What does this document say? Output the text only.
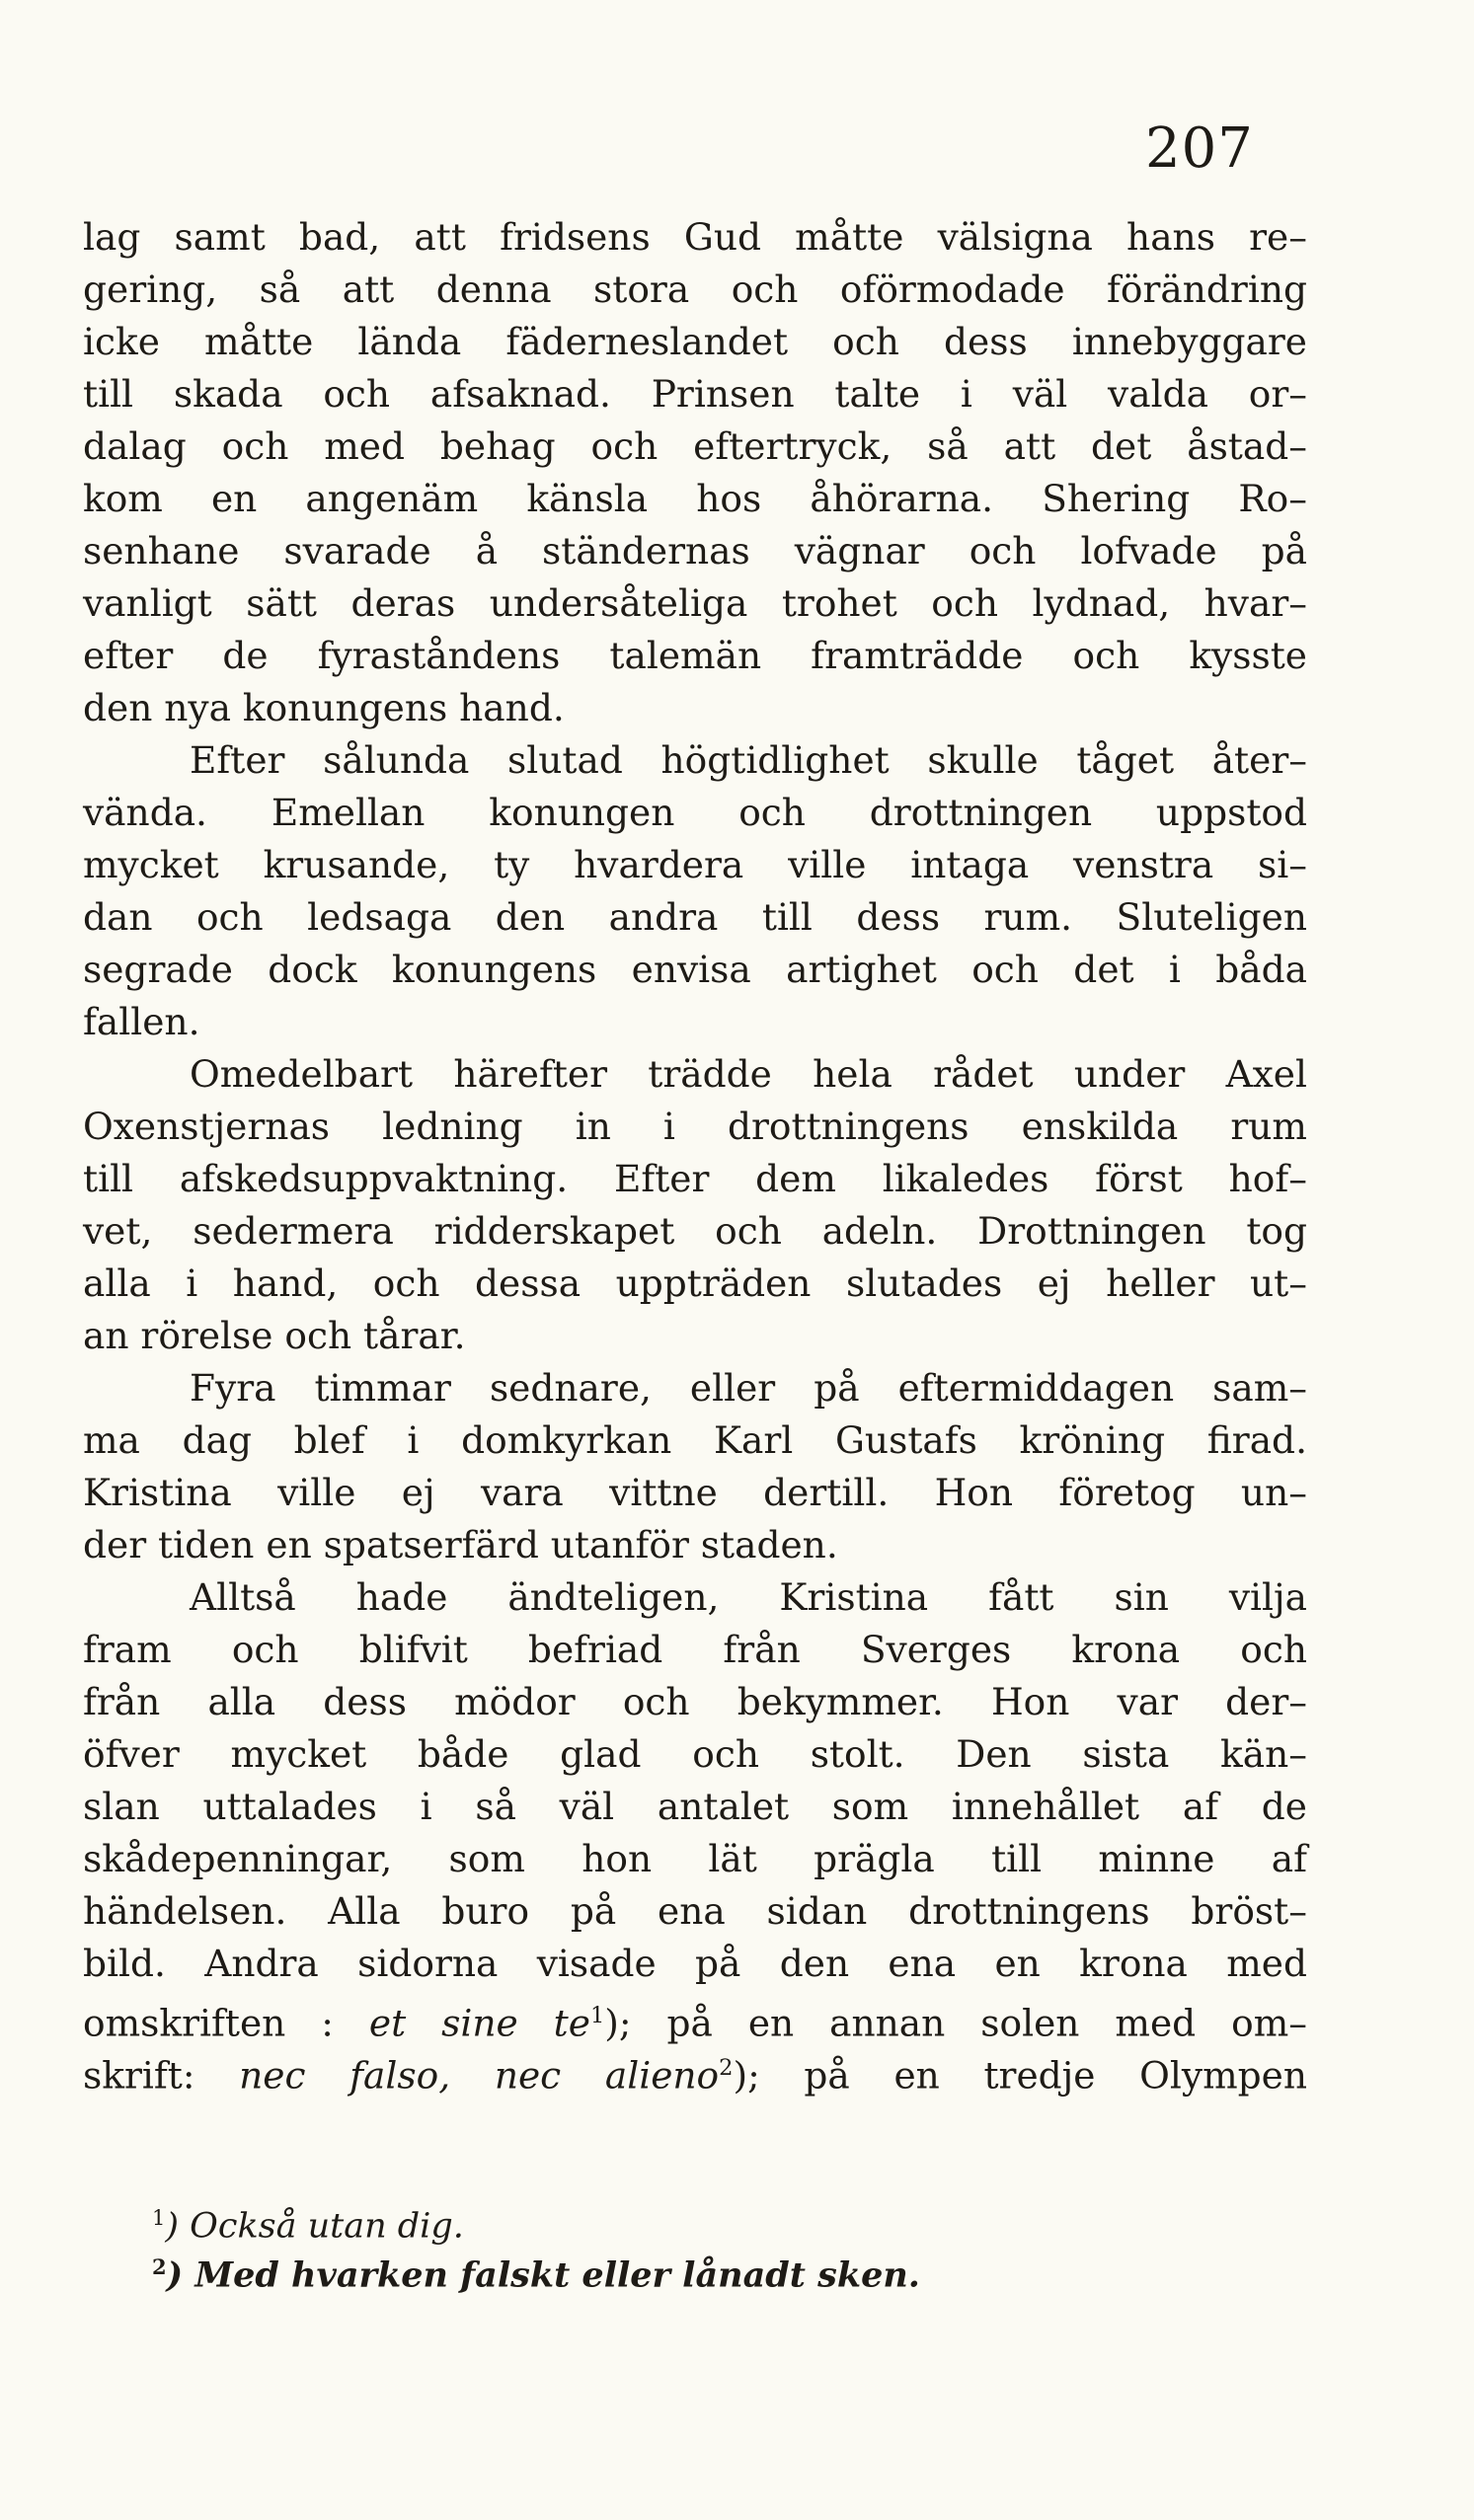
207
lag samt bad, att fridsens Gud måtte välsigna hans re–
gering, så att denna stora och oförmodade förändring
icke måtte lända fäderneslandet och dess innebyggare
till skada och afsaknad. Prinsen talte i väl valda or–
dalag och med behag och eftertryck, så att det åstad–
kom en angenäm känsla hos åhörarna. Shering Ro–
senhane svarade å ständernas vägnar och lofvade på
vanligt sätt deras undersåteliga trohet och lydnad, hvar–
efter de fyraståndens talemän framträdde och kysste
den nya konungens hand.
Efter sålunda slutad högtidlighet skulle tåget åter–
vända. Emellan konungen och drottningen uppstod
mycket krusande, ty hvardera ville intaga venstra si–
dan och ledsaga den andra till dess rum. Sluteligen
segrade dock konungens envisa artighet och det i båda
fallen.
Omedelbart härefter trädde hela rådet under Axel
Oxenstjernas ledning in i drottningens enskilda rum
till afskedsuppvaktning. Efter dem likaledes först hof–
vet, sedermera ridderskapet och adeln. Drottningen tog
alla i hand, och dessa uppträden slutades ej heller ut–
an rörelse och tårar.
Fyra timmar sednare, eller på eftermiddagen sam–
ma dag blef i domkyrkan Karl Gustafs kröning firad.
Kristina ville ej vara vittne dertill. Hon företog un–
der tiden en spatserfärd utanför staden.
Alltså hade ändteligen, Kristina fått sin vilja
fram och blifvit befriad från Sverges krona och
från alla dess mödor och bekymmer. Hon var der–
öfver mycket både glad och stolt. Den sista kän–
slan uttalades i så väl antalet som innehållet af de
skådepenningar, som hon lät prägla till minne af
händelsen. Alla buro på ena sidan drottningens bröst–
bild. Andra sidorna visade på den ena en krona med
omskriften : et sine $te^1$); på en annan solen med om–
skrift: nec falso, nec alieno$^2$); på en tredje Olympen
$^1$) Också utan dig.
$^2$) Med hvarken falskt eller lånadt sken.
